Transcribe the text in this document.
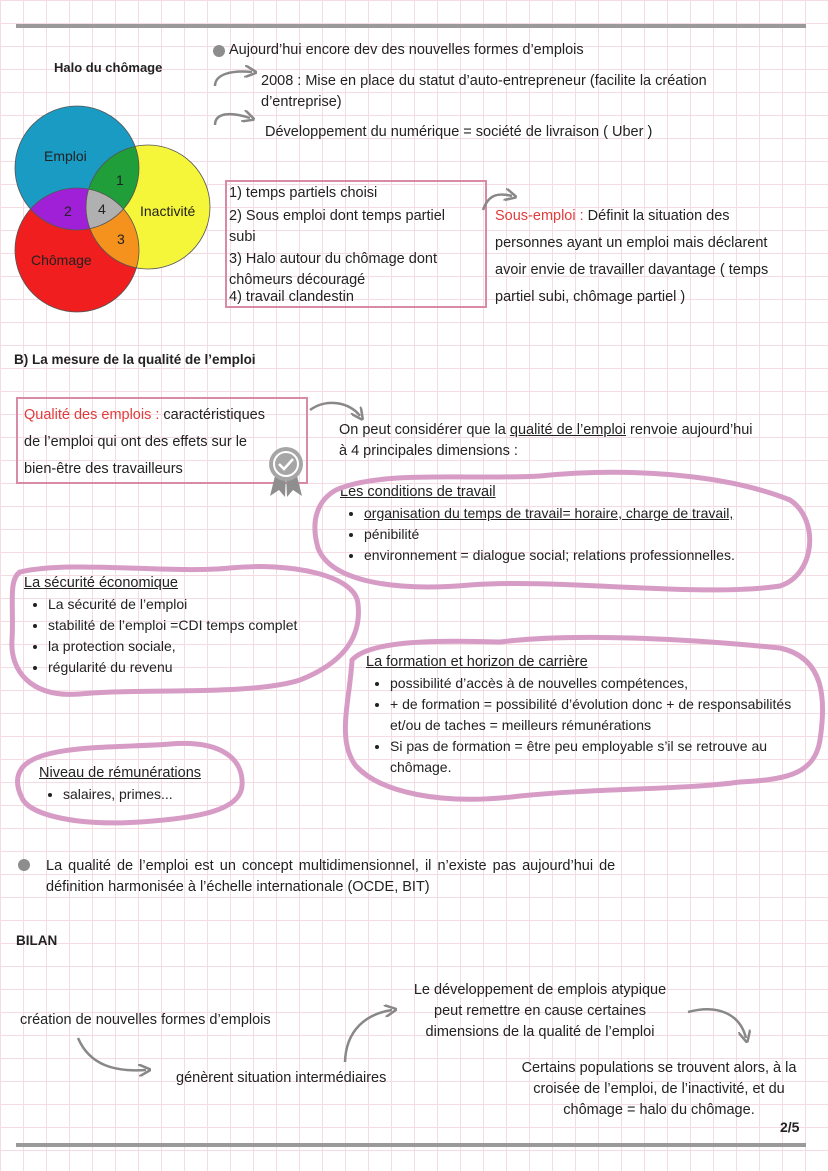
Halo du chômage
Emploi
Inactivité
Chômage
1
2 4
3
Aujourd’hui encore dev des nouvelles formes d’emplois
2008 : Mise en place du statut d’auto-entrepreneur (facilite la création
d’entreprise)
Développement du numérique = société de livraison ( Uber )
1) temps partiels choisi
2) Sous emploi dont temps partiel
subi
3) Halo autour du chômage dont
chômeurs découragé
4) travail clandestin
Sous-emploi : Définit la situation des
personnes ayant un emploi mais déclarent
avoir envie de travailler davantage ( temps
partiel subi, chômage partiel )
B) La mesure de la qualité de l’emploi
Qualité des emplois : caractéristiques
de l’emploi qui ont des effets sur le
bien-être des travailleurs
On peut considérer que la qualité de l’emploi renvoie aujourd’hui
à 4 principales dimensions :
Les conditions de travail
• organisation du temps de travail= horaire, charge de travail,
• pénibilité
• environnement = dialogue social; relations professionnelles.
La sécurité économique
• La sécurité de l’emploi
• stabilité de l’emploi =CDI temps complet
• la protection sociale,
• régularité du revenu	La formation et horizon de carrière
• possibilité d’accès à de nouvelles compétences,
• + de formation = possibilité d’évolution donc + de responsabilités et/ou de taches = meilleurs rémunérations
• Si pas de formation = être peu employable s’il se retrouve au chômage.
Niveau de rémunérations
• salaires, primes...
La  qualité  de  l’emploi  est  un  concept  multidimensionnel,  il  n’existe  pas  aujourd’hui  de
définition harmonisée à l’échelle internationale (OCDE, BIT)
BILAN
création de nouvelles formes d’emplois
génèrent situation intermédiaires
Le développement de emplois atypique
peut remettre en cause certaines
dimensions de la qualité de l’emploi
Certains populations se trouvent alors, à la
croisée de l’emploi, de l’inactivité, et du
chômage = halo du chômage.
2/5
